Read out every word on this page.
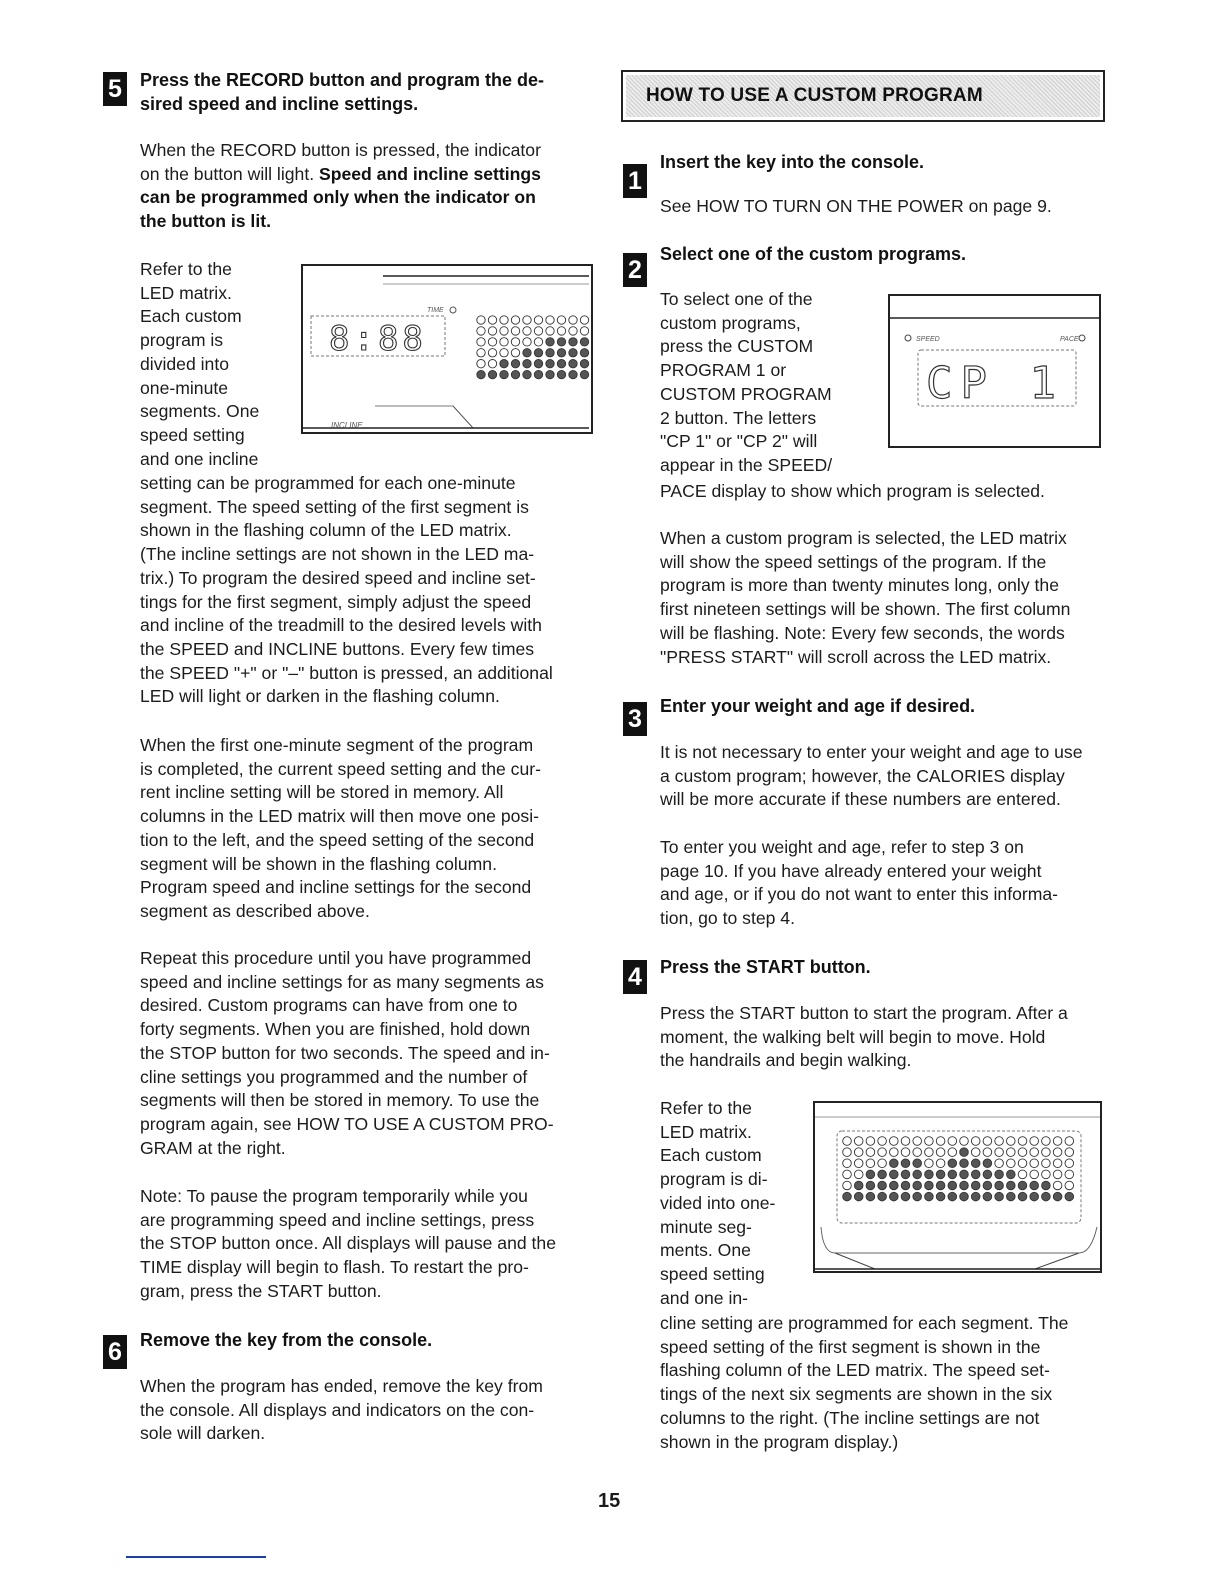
5 Press the RECORD button and program the de-
sired speed and incline settings.
When the RECORD button is pressed, the indicator
on the button will light. Speed and incline settings
can be programmed only when the indicator on
the button is lit.
Refer to the
LED matrix.
Each custom
program is
divided into
one-minute
segments. One
speed setting
and one incline
TIME
8:88
INCLINE
setting can be programmed for each one-minute
segment. The speed setting of the first segment is
shown in the flashing column of the LED matrix.
(The incline settings are not shown in the LED ma-
trix.) To program the desired speed and incline set-
tings for the first segment, simply adjust the speed
and incline of the treadmill to the desired levels with
the SPEED and INCLINE buttons. Every few times
the SPEED "+" or "–" button is pressed, an additional
LED will light or darken in the flashing column.
When the first one-minute segment of the program
is completed, the current speed setting and the cur-
rent incline setting will be stored in memory. All
columns in the LED matrix will then move one posi-
tion to the left, and the speed setting of the second
segment will be shown in the flashing column.
Program speed and incline settings for the second
segment as described above.
Repeat this procedure until you have programmed
speed and incline settings for as many segments as
desired. Custom programs can have from one to
forty segments. When you are finished, hold down
the STOP button for two seconds. The speed and in-
cline settings you programmed and the number of
segments will then be stored in memory. To use the
program again, see HOW TO USE A CUSTOM PRO-
GRAM at the right.
Note: To pause the program temporarily while you
are programming speed and incline settings, press
the STOP button once. All displays will pause and the
TIME display will begin to flash. To restart the pro-
gram, press the START button.
6 Remove the key from the console.
When the program has ended, remove the key from
the console. All displays and indicators on the con-
sole will darken.
HOW TO USE A CUSTOM PROGRAM
1
Insert the key into the console.
See HOW TO TURN ON THE POWER on page 9.
2
Select one of the custom programs.
To select one of the
custom programs,
press the CUSTOM
PROGRAM 1 or
CUSTOM PROGRAM
2 button. The letters
"CP 1" or "CP 2" will
appear in the SPEED/
SPEED	PACE
CP 1
PACE display to show which program is selected.
When a custom program is selected, the LED matrix
will show the speed settings of the program. If the
program is more than twenty minutes long, only the
first nineteen settings will be shown. The first column
will be flashing. Note: Every few seconds, the words
"PRESS START" will scroll across the LED matrix.
3 Enter your weight and age if desired.
It is not necessary to enter your weight and age to use
a custom program; however, the CALORIES display
will be more accurate if these numbers are entered.
To enter you weight and age, refer to step 3 on
page 10. If you have already entered your weight
and age, or if you do not want to enter this informa-
tion, go to step 4.
4 Press the START button.
Press the START button to start the program. After a
moment, the walking belt will begin to move. Hold
the handrails and begin walking.
Refer to the
LED matrix.
Each custom
program is di-
vided into one-
minute seg-
ments. One
speed setting
and one in-
cline setting are programmed for each segment. The
speed setting of the first segment is shown in the
flashing column of the LED matrix. The speed set-
tings of the next six segments are shown in the six
columns to the right. (The incline settings are not
shown in the program display.)
15
